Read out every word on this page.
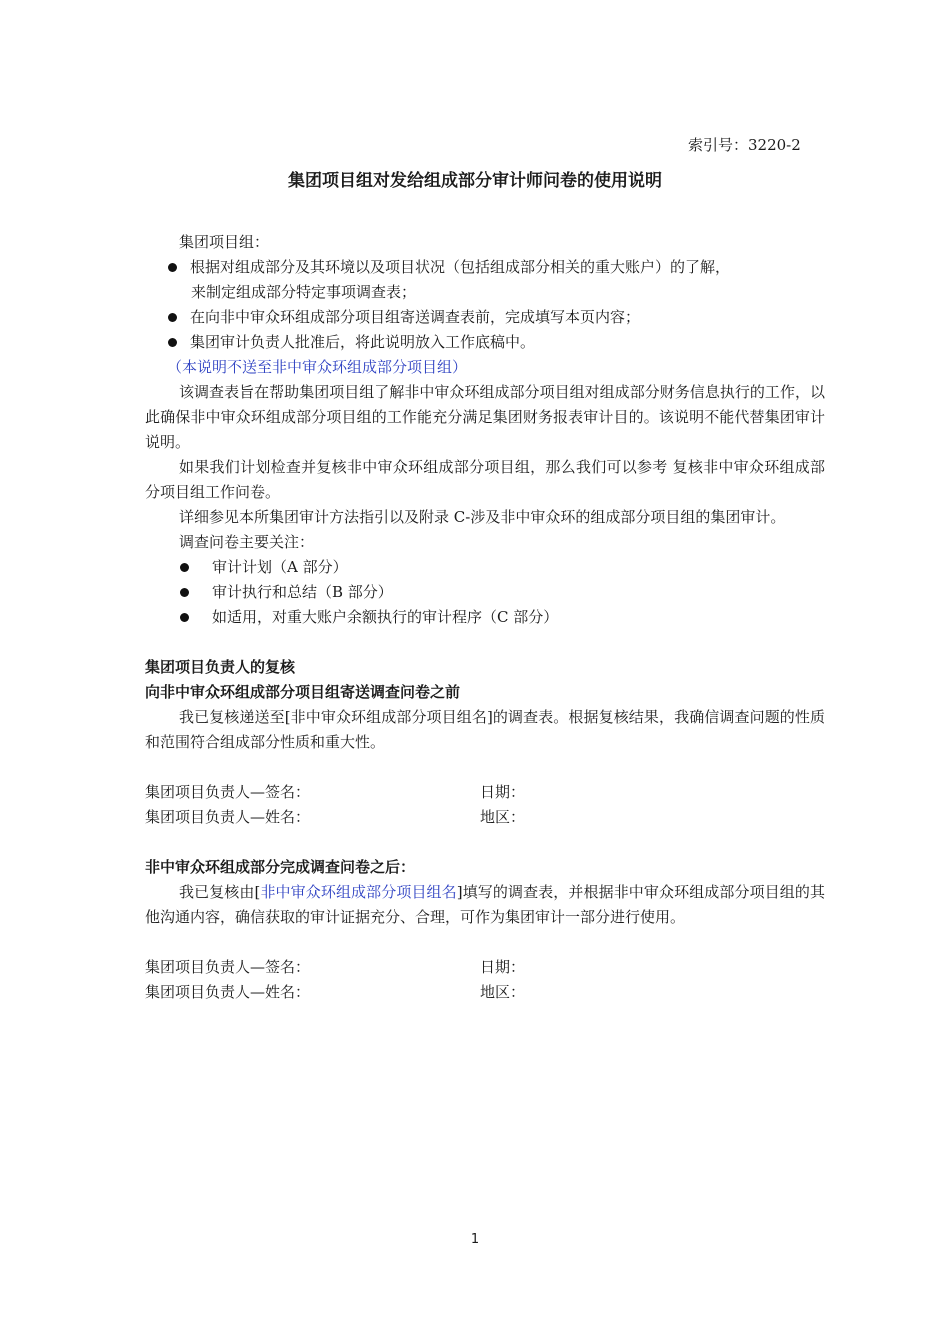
索引号：3220-2
集团项目组对发给组成部分审计师问卷的使用说明
集团项目组：
根据对组成部分及其环境以及项目状况（包括组成部分相关的重大账户）的了解，
来制定组成部分特定事项调查表；
在向非中审众环组成部分项目组寄送调查表前，完成填写本页内容；
集团审计负责人批准后，将此说明放入工作底稿中。
（本说明不送至非中审众环组成部分项目组）

该调查表旨在帮助集团项目组了解非中审众环组成部分项目组对组成部分财务信息执行的工作，以此确保非中审众环组成部分项目组的工作能充分满足集团财务报表审计目的。该说明不能代替集团审计说明。

如果我们计划检查并复核非中审众环组成部分项目组，那么我们可以参考 复核非中审众环组成部分项目组工作问卷。

详细参见本所集团审计方法指引以及附录 C-涉及非中审众环的组成部分项目组的集团审计。

调查问卷主要关注：
审计计划（A 部分）
审计执行和总结（B 部分）
如适用，对重大账户余额执行的审计程序（C 部分）
集团项目负责人的复核
向非中审众环组成部分项目组寄送调查问卷之前

我已复核递送至[非中审众环组成部分项目组名]的调查表。根据复核结果，我确信调查问题的性质和范围符合组成部分性质和重大性。

集团项目负责人—签名：	日期：
集团项目负责人—姓名：	地区：
非中审众环组成部分完成调查问卷之后：

我已复核由[非中审众环组成部分项目组名]填写的调查表，并根据非中审众环组成部分项目组的其他沟通内容，确信获取的审计证据充分、合理，可作为集团审计一部分进行使用。

集团项目负责人—签名：	日期：
集团项目负责人—姓名：	地区：
1
